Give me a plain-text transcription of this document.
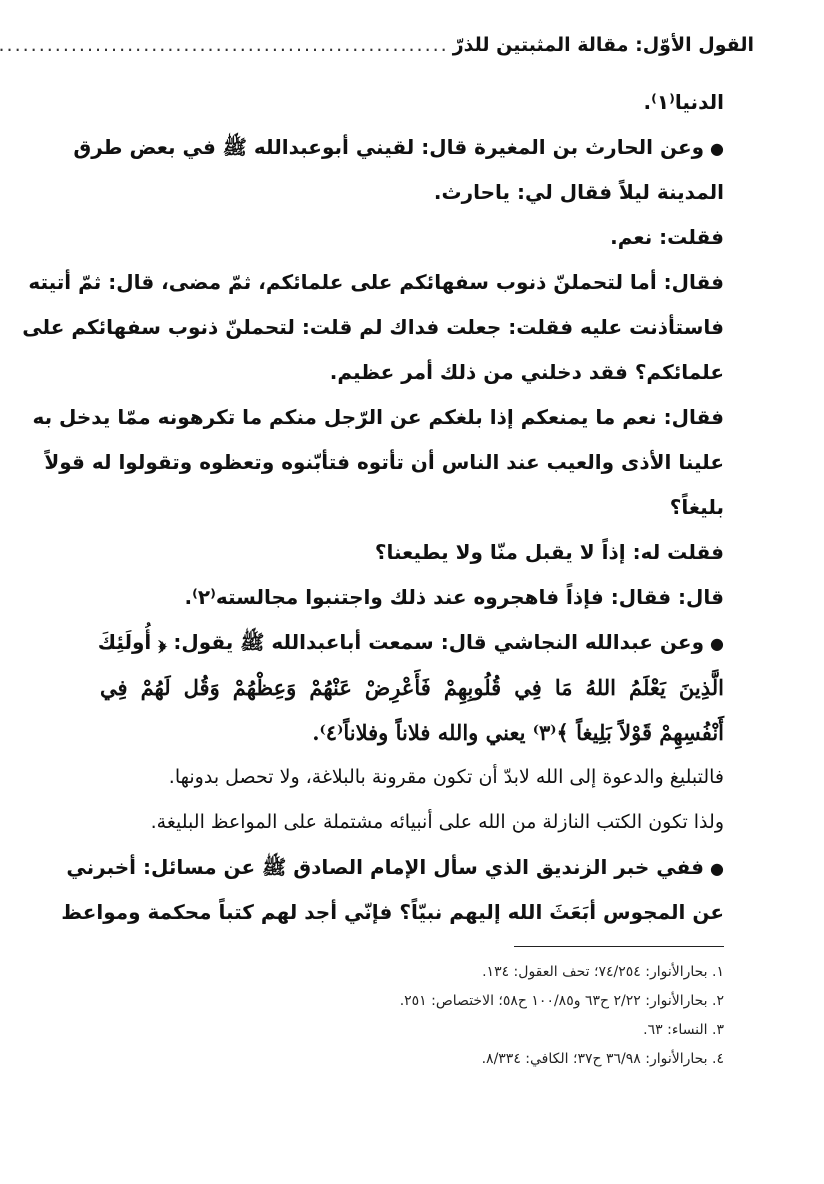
القول الأوّل: مقالة المثبتين للذرّ
.....
الدنيا⁽١⁾.
●وعن الحارث بن المغيرة قال: لقيني أبوعبدالله ﷺ في بعض طرق
المدينة ليلاً فقال لي: ياحارث.
فقلت: نعم.
فقال: أما لتحملنّ ذنوب سفهائكم على علمائكم، ثمّ مضى، قال: ثمّ أتيته
فاستأذنت عليه فقلت: جعلت فداك لم قلت: لتحملنّ ذنوب سفهائكم على
علمائكم؟ فقد دخلني من ذلك أمر عظيم.
فقال: نعم ما يمنعكم إذا بلغكم عن الرّجل منكم ما تكرهونه ممّا يدخل به
علينا الأذى والعيب عند الناس أن تأتوه فتأبّنوه وتعظوه وتقولوا له قولاً
بليغاً؟
فقلت له: إذاً لا يقبل منّا ولا يطيعنا؟
قال: فقال: فإذاً فاهجروه عند ذلك واجتنبوا مجالسته⁽٢⁾.
●وعن عبدالله النجاشي قال: سمعت أباعبدالله ﷺ يقول: ﴿ أُولَئِكَ
الَّذِينَ يَعْلَمُ اللهُ مَا فِي قُلُوبِهِمْ فَأَعْرِضْ عَنْهُمْ وَعِظْهُمْ وَقُل لَهُمْ فِي
أَنْفُسِهِمْ قَوْلاً بَلِيغاً ﴾⁽٣⁾ يعني والله فلاناً وفلاناً⁽٤⁾.
فالتبليغ والدعوة إلى الله لابدّ أن تكون مقرونة بالبلاغة، ولا تحصل بدونها.
ولذا تكون الكتب النازلة من الله على أنبيائه مشتملة على المواعظ البليغة.
●ففي خبر الزنديق الذي سأل الإمام الصادق ﷺ عن مسائل: أخبرني
عن المجوس أبَعَثَ الله إليهم نبيّاً؟ فإنّي أجد لهم كتباً محكمة ومواعظ
١. بحارالأنوار: ٧٤/٢٥٤؛ تحف العقول: ١٣٤.
٢. بحارالأنوار: ٢/٢٢ ح٦٣ و١٠٠/٨٥ ح٥٨؛ الاختصاص: ٢٥١.
٣. النساء: ٦٣.
٤. بحارالأنوار: ٣٦/٩٨ ح٣٧؛ الكافي: ٨/٣٣٤.
